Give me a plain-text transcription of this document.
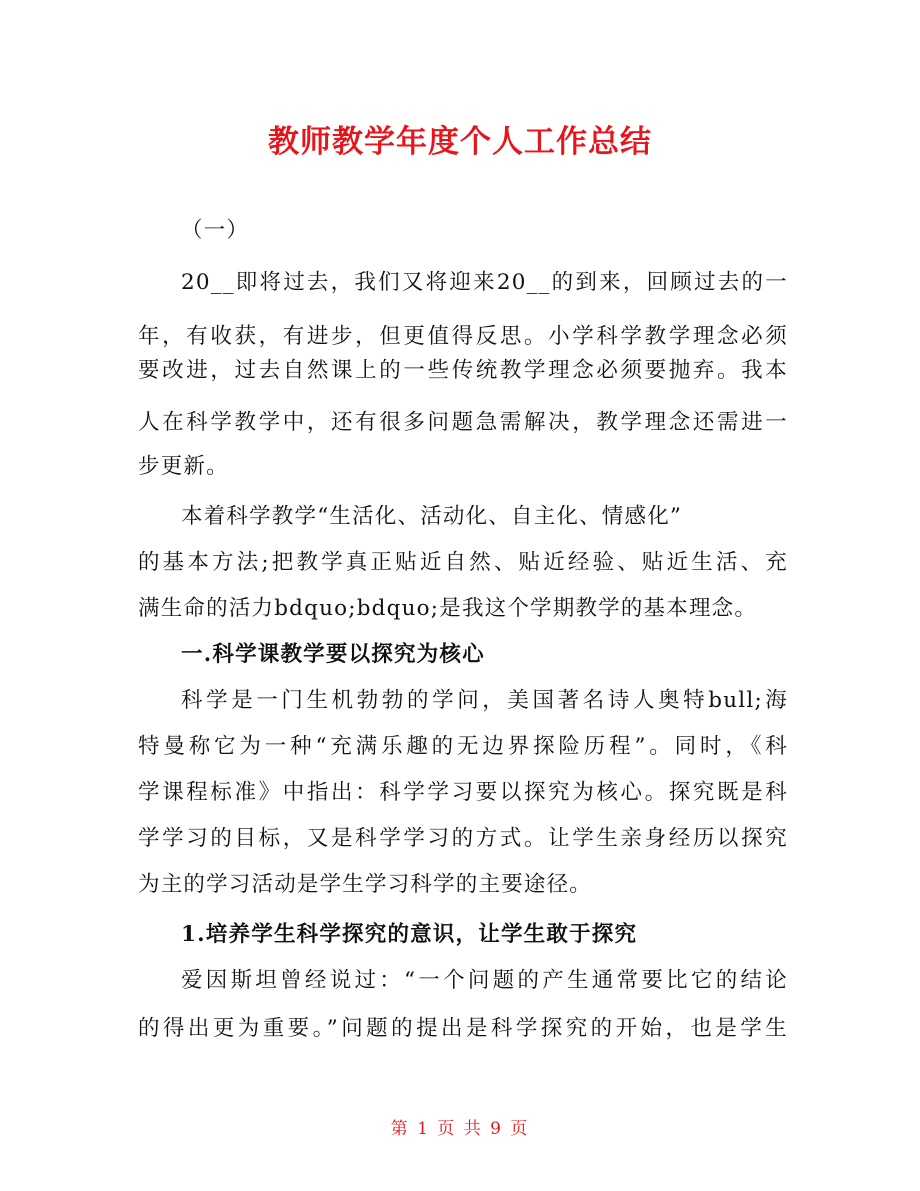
教师教学年度个人工作总结
（一）
20__即将过去，我们又将迎来20__的到来，回顾过去的一
年，有收获，有进步，但更值得反思。小学科学教学理念必须
要改进，过去自然课上的一些传统教学理念必须要抛弃。我本
人在科学教学中，还有很多问题急需解决，教学理念还需进一
步更新。
本着科学教学“生活化、活动化、自主化、情感化”
的基本方法;把教学真正贴近自然、贴近经验、贴近生活、充
满生命的活力bdquo;bdquo;是我这个学期教学的基本理念。
一.科学课教学要以探究为核心
科学是一门生机勃勃的学问，美国著名诗人奥特bull;海
特曼称它为一种“充满乐趣的无边界探险历程”。同时，《科
学课程标准》中指出：科学学习要以探究为核心。探究既是科
学学习的目标，又是科学学习的方式。让学生亲身经历以探究
为主的学习活动是学生学习科学的主要途径。
1.培养学生科学探究的意识，让学生敢于探究
爱因斯坦曾经说过：“一个问题的产生通常要比它的结论
的得出更为重要。”问题的提出是科学探究的开始，也是学生
第 1 页 共 9 页
